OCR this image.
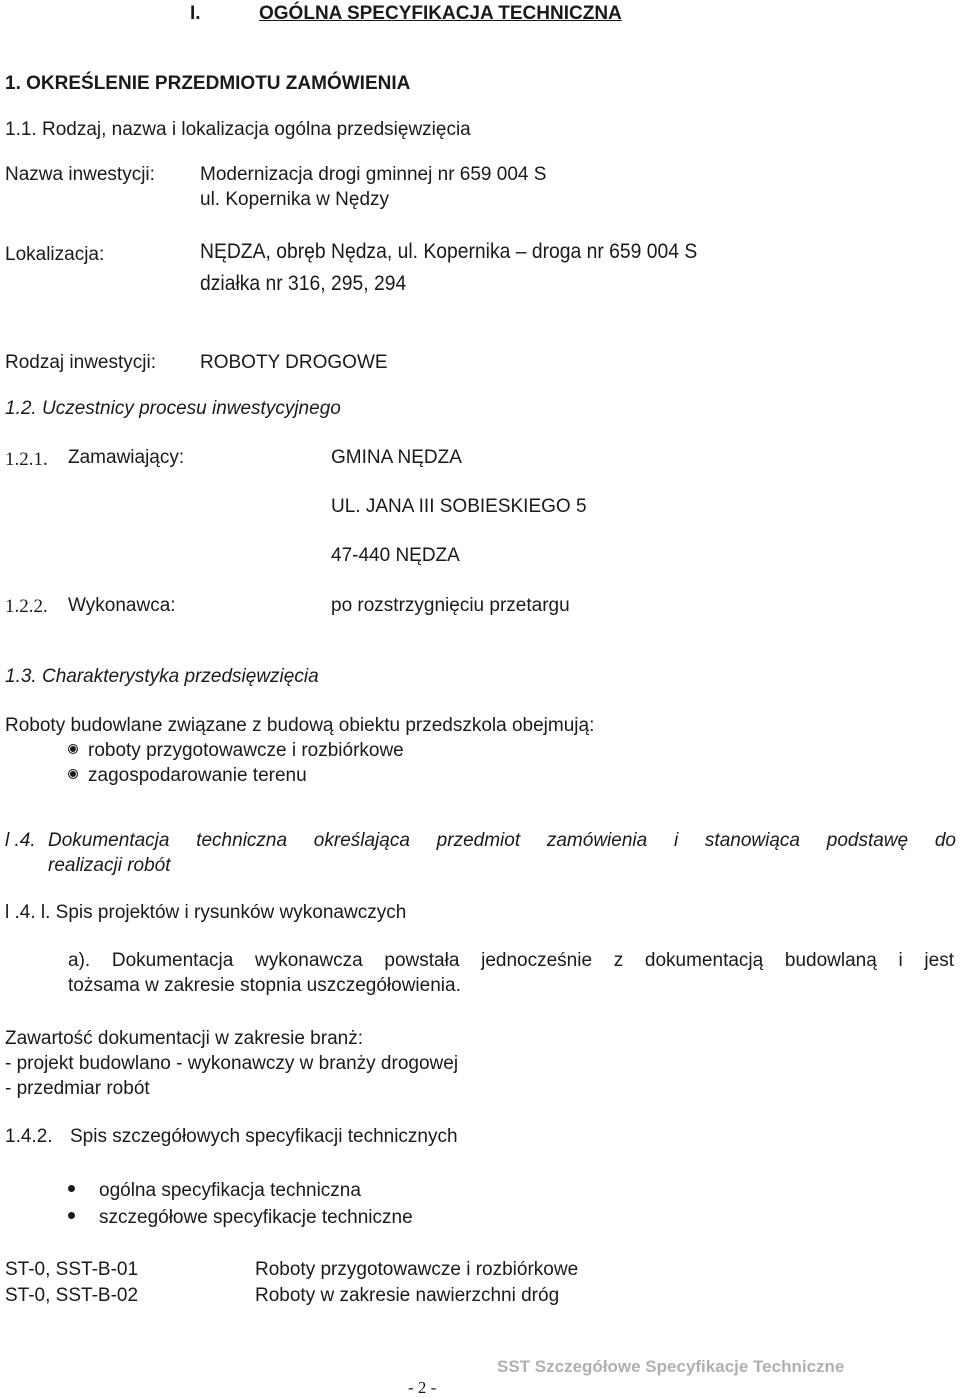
I.	OGÓLNA SPECYFIKACJA TECHNICZNA
1. OKREŚLENIE PRZEDMIOTU ZAMÓWIENIA
1.1. Rodzaj, nazwa i lokalizacja ogólna przedsięwzięcia
Nazwa inwestycji: Modernizacja drogi gminnej nr 659 004 S
ul. Kopernika w Nędzy
Lokalizacja:	NĘDZA, obręb Nędza, ul. Kopernika – droga nr 659 004 S
działka nr 316, 295, 294
Rodzaj inwestycji: ROBOTY DROGOWE
1.2. Uczestnicy procesu inwestycyjnego
1.2.1. Zamawiający:	GMINA NĘDZA
UL. JANA III SOBIESKIEGO 5
47-440 NĘDZA
1.2.2. Wykonawca:	po rozstrzygnięciu przetargu
1.3. Charakterystyka przedsięwzięcia
Roboty budowlane związane z budową obiektu przedszkola obejmują:
roboty przygotowawcze i rozbiórkowe
zagospodarowanie terenu
l .4. Dokumentacja techniczna określająca przedmiot zamówienia i stanowiąca podstawę do
realizacji robót
l .4. l. Spis projektów i rysunków wykonawczych
a). Dokumentacja wykonawcza powstała jednocześnie z dokumentacją budowlaną i jest
tożsama w zakresie stopnia uszczegółowienia.
Zawartość dokumentacji w zakresie branż:
- projekt budowlano - wykonawczy w branży drogowej
- przedmiar robót
1.4.2. Spis szczegółowych specyfikacji technicznych
ogólna specyfikacja techniczna
szczegółowe specyfikacje techniczne
ST-0, SST-B-01	Roboty przygotowawcze i rozbiórkowe
ST-0, SST-B-02	Roboty w zakresie nawierzchni dróg
SST Szczegółowe Specyfikacje Techniczne
- 2 -
